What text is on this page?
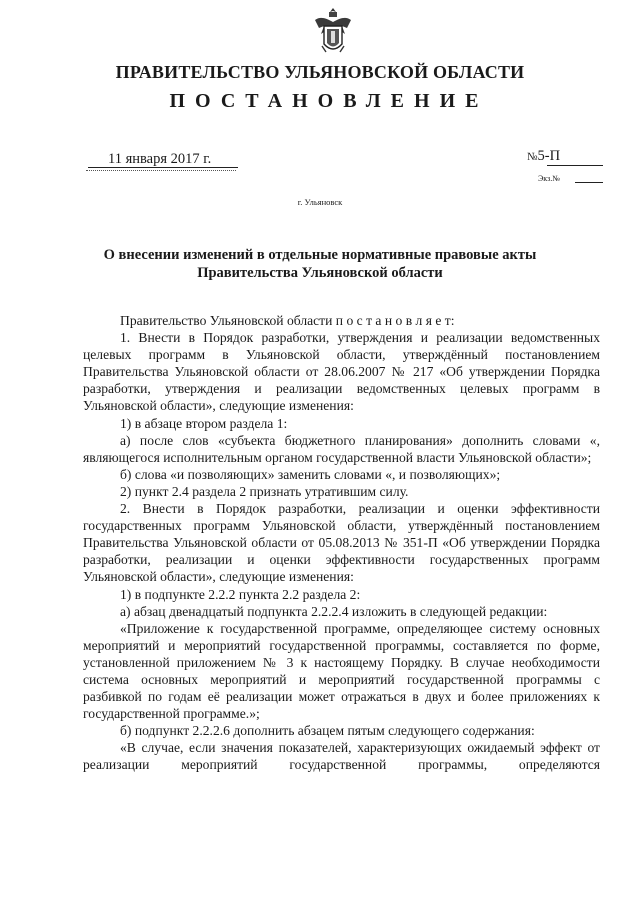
ПРАВИТЕЛЬСТВО УЛЬЯНОВСКОЙ ОБЛАСТИ
ПОСТАНОВЛЕНИЕ
11 января 2017 г.	№5-П
Экз.№
г. Ульяновск
О внесении изменений в отдельные нормативные правовые акты
Правительства Ульяновской области

Правительство Ульяновской области п о с т а н о в л я е т:

1. Внести в Порядок разработки, утверждения и реализации ведомственных целевых программ в Ульяновской области, утверждённый постановлением Правительства Ульяновской области от 28.06.2007 № 217 «Об утверждении Порядка разработки, утверждения и реализации ведомственных целевых программ в Ульяновской области», следующие изменения:

1) в абзаце втором раздела 1:

а) после слов «субъекта бюджетного планирования» дополнить словами «, являющегося исполнительным органом государственной власти Ульяновской области»;

б) слова «и позволяющих» заменить словами «, и позволяющих»;

2) пункт 2.4 раздела 2 признать утратившим силу.

2. Внести в Порядок разработки, реализации и оценки эффективности государственных программ Ульяновской области, утверждённый постановлением Правительства Ульяновской области от 05.08.2013 № 351-П «Об утверждении Порядка разработки, реализации и оценки эффективности государственных программ Ульяновской области», следующие изменения:

1) в подпункте 2.2.2 пункта 2.2 раздела 2:

а) абзац двенадцатый подпункта 2.2.2.4 изложить в следующей редакции:

«Приложение к государственной программе, определяющее систему основных мероприятий и мероприятий государственной программы, составляется по форме, установленной приложением № 3 к настоящему Порядку. В случае необходимости система основных мероприятий и мероприятий государственной программы с разбивкой по годам её реализации может отражаться в двух и более приложениях к государственной программе.»;

б) подпункт 2.2.2.6 дополнить абзацем пятым следующего содержания:

«В случае, если значения показателей, характеризующих ожидаемый эффект от реализации мероприятий государственной программы, определяются
